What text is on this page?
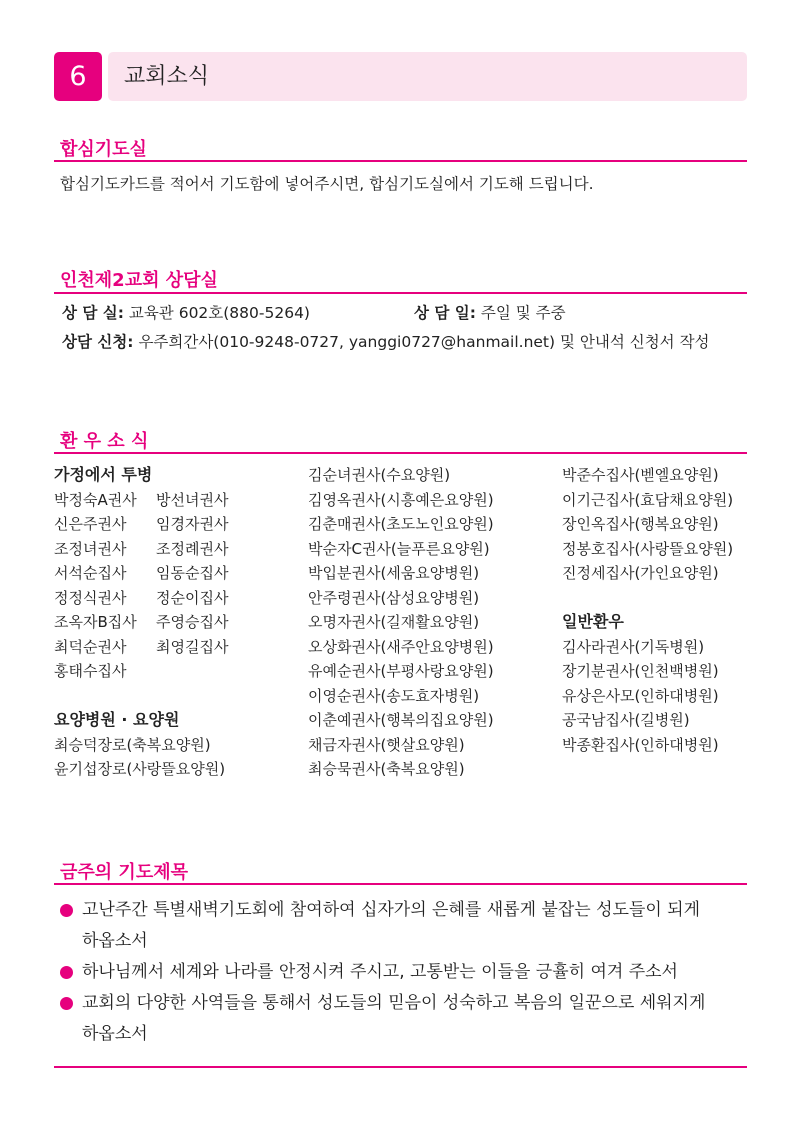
6	교회소식
합심기도실
합심기도카드를 적어서 기도함에 넣어주시면, 합심기도실에서 기도해 드립니다.
인천제2교회 상담실
상 담 실: 교육관 602호(880-5264)	상 담 일: 주일 및 주중
상담 신청: 우주희간사(010-9248-0727, yanggi0727@hanmail.net) 및 안내석 신청서 작성
환 우 소 식
가정에서 투병
박정숙A권사 방선녀권사
신은주권사 임경자권사
조정녀권사 조정례권사
서석순집사 임동순집사
정정식권사 정순이집사
조옥자B집사 주영승집사
최덕순권사 최영길집사
홍태수집사
요양병원 · 요양원
최승덕장로(축복요양원)
윤기섭장로(사랑뜰요양원)
김순녀권사(수요양원)
김영옥권사(시흥예은요양원)
김춘매권사(초도노인요양원)
박순자C권사(늘푸른요양원)
박입분권사(세움요양병원)
안주령권사(삼성요양병원)
오명자권사(길재활요양원)
오상화권사(새주안요양병원)
유예순권사(부평사랑요양원)
이영순권사(송도효자병원)
이춘예권사(행복의집요양원)
채금자권사(햇살요양원)
최승묵권사(축복요양원)
박준수집사(벧엘요양원)
이기근집사(효담채요양원)
장인옥집사(행복요양원)
정봉호집사(사랑뜰요양원)
진정세집사(가인요양원)
일반환우
김사라권사(기독병원)
장기분권사(인천백병원)
유상은사모(인하대병원)
공국남집사(길병원)
박종환집사(인하대병원)
금주의 기도제목
고난주간 특별새벽기도회에 참여하여 십자가의 은혜를 새롭게 붙잡는 성도들이 되게
하옵소서
하나님께서 세계와 나라를 안정시켜 주시고, 고통받는 이들을 긍휼히 여겨 주소서
교회의 다양한 사역들을 통해서 성도들의 믿음이 성숙하고 복음의 일꾼으로 세워지게
하옵소서
